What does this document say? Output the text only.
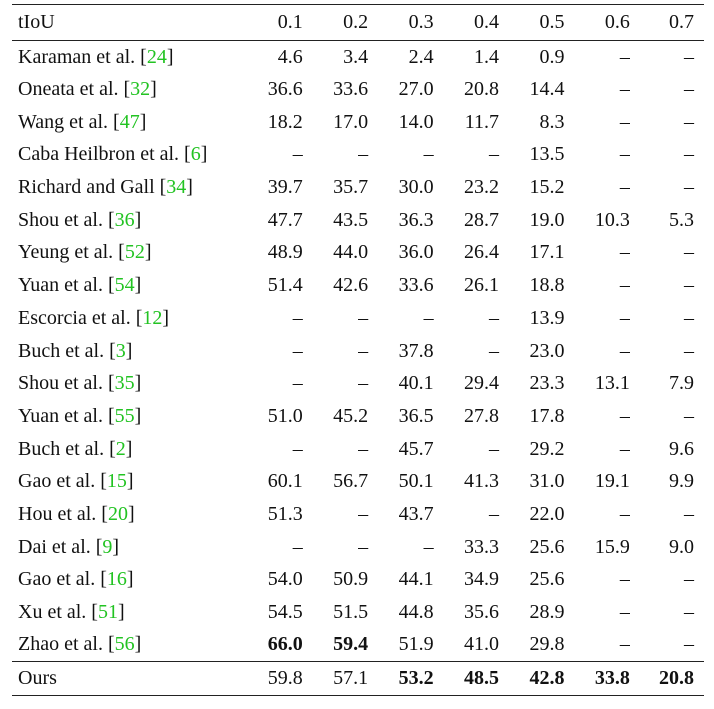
tIoU	0.1	0.2	0.3	0.4	0.5	0.6	0.7
Karaman et al. [24]	4.6	3.4	2.4	1.4	0.9	–	–
Oneata et al. [32]	36.6	33.6	27.0	20.8	14.4	–	–
Wang et al. [47]	18.2	17.0	14.0	11.7	8.3	–	–
Caba Heilbron et al. [6]	–	–	–	–	13.5	–	–
Richard and Gall [34]	39.7	35.7	30.0	23.2	15.2	–	–
Shou et al. [36]	47.7	43.5	36.3	28.7	19.0	10.3	5.3
Yeung et al. [52]	48.9	44.0	36.0	26.4	17.1	–	–
Yuan et al. [54]	51.4	42.6	33.6	26.1	18.8	–	–
Escorcia et al. [12]	–	–	–	–	13.9	–	–
Buch et al. [3]	–	–	37.8	–	23.0	–	–
Shou et al. [35]	–	–	40.1	29.4	23.3	13.1	7.9
Yuan et al. [55]	51.0	45.2	36.5	27.8	17.8	–	–
Buch et al. [2]	–	–	45.7	–	29.2	–	9.6
Gao et al. [15]	60.1	56.7	50.1	41.3	31.0	19.1	9.9
Hou et al. [20]	51.3	–	43.7	–	22.0	–	–
Dai et al. [9]	–	–	–	33.3	25.6	15.9	9.0
Gao et al. [16]	54.0	50.9	44.1	34.9	25.6	–	–
Xu et al. [51]	54.5	51.5	44.8	35.6	28.9	–	–
Zhao et al. [56]	66.0	59.4	51.9	41.0	29.8	–	–
Ours	59.8	57.1	53.2	48.5	42.8	33.8	20.8
